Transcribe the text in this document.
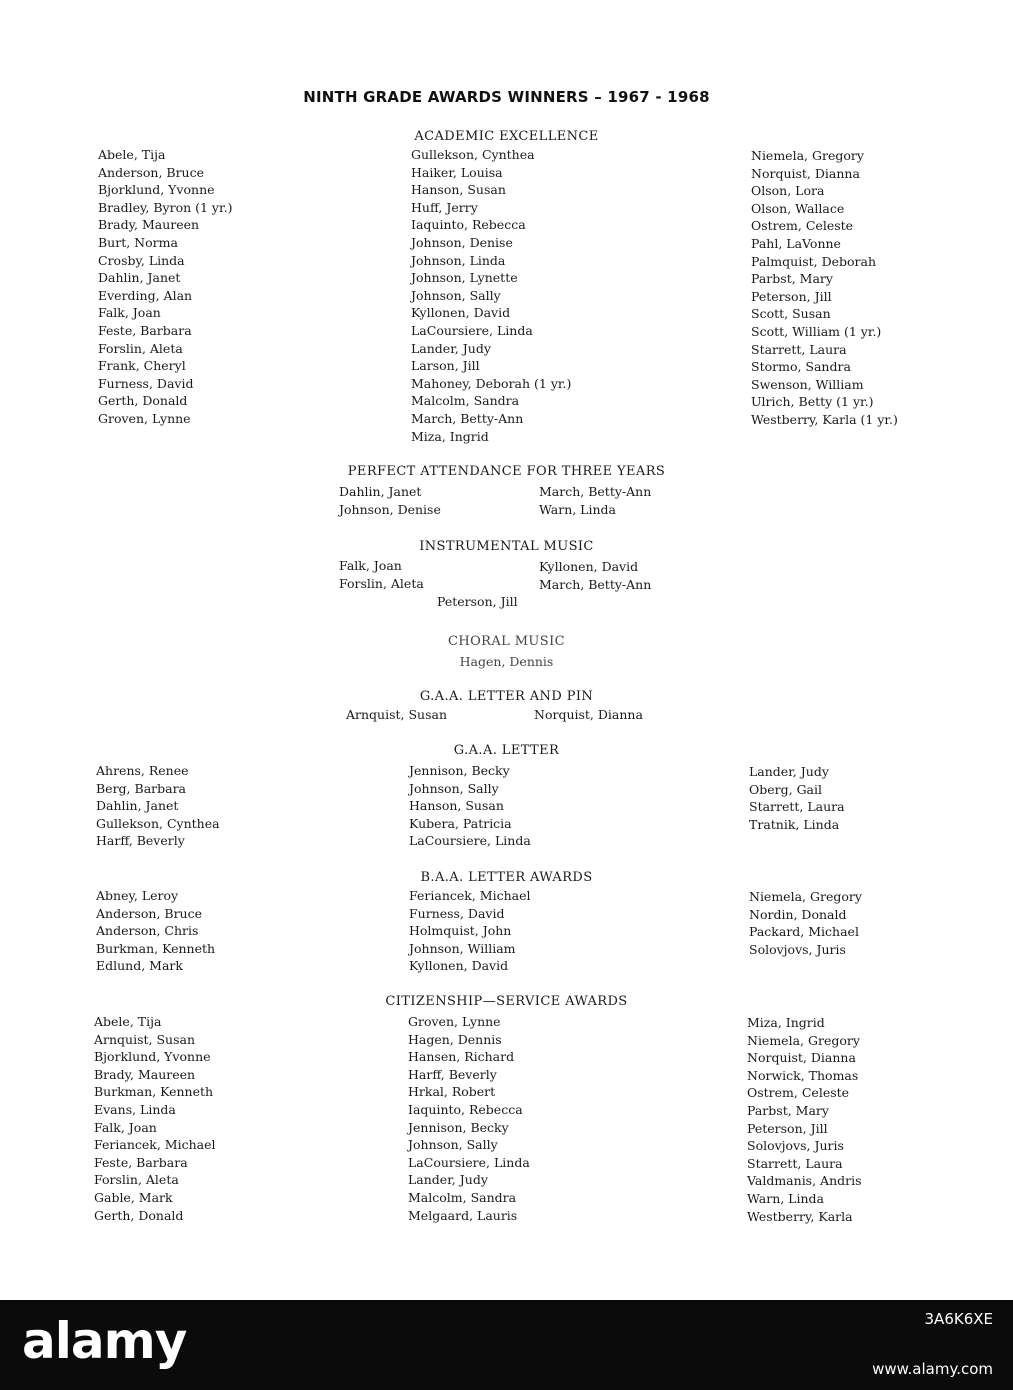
NINTH GRADE AWARDS WINNERS – 1967 - 1968
ACADEMIC EXCELLENCE
Abele, Tija
Anderson, Bruce
Bjorklund, Yvonne
Bradley, Byron (1 yr.)
Brady, Maureen
Burt, Norma
Crosby, Linda
Dahlin, Janet
Everding, Alan
Falk, Joan
Feste, Barbara
Forslin, Aleta
Frank, Cheryl
Furness, David
Gerth, Donald
Groven, Lynne
Gullekson, Cynthea
Haiker, Louisa
Hanson, Susan
Huff, Jerry
Iaquinto, Rebecca
Johnson, Denise
Johnson, Linda
Johnson, Lynette
Johnson, Sally
Kyllonen, David
LaCoursiere, Linda
Lander, Judy
Larson, Jill
Mahoney, Deborah (1 yr.)
Malcolm, Sandra
March, Betty-Ann
Miza, Ingrid
Niemela, Gregory
Norquist, Dianna
Olson, Lora
Olson, Wallace
Ostrem, Celeste
Pahl, LaVonne
Palmquist, Deborah
Parbst, Mary
Peterson, Jill
Scott, Susan
Scott, William (1 yr.)
Starrett, Laura
Stormo, Sandra
Swenson, William
Ulrich, Betty (1 yr.)
Westberry, Karla (1 yr.)
PERFECT ATTENDANCE FOR THREE YEARS
Dahlin, Janet
Johnson, Denise
March, Betty-Ann
Warn, Linda
INSTRUMENTAL MUSIC
Falk, Joan
Forslin, Aleta
Kyllonen, David
March, Betty-Ann
Peterson, Jill
CHORAL MUSIC
Hagen, Dennis
G.A.A. LETTER AND PIN
Arnquist, Susan	Norquist, Dianna
G.A.A. LETTER
Ahrens, Renee
Berg, Barbara
Dahlin, Janet
Gullekson, Cynthea
Harff, Beverly
Jennison, Becky
Johnson, Sally
Hanson, Susan
Kubera, Patricia
LaCoursiere, Linda
Lander, Judy
Oberg, Gail
Starrett, Laura
Tratnik, Linda
B.A.A. LETTER AWARDS
Abney, Leroy
Anderson, Bruce
Anderson, Chris
Burkman, Kenneth
Edlund, Mark
Feriancek, Michael
Furness, David
Holmquist, John
Johnson, William
Kyllonen, David
Niemela, Gregory
Nordin, Donald
Packard, Michael
Solovjovs, Juris
CITIZENSHIP—SERVICE AWARDS
Abele, Tija
Arnquist, Susan
Bjorklund, Yvonne
Brady, Maureen
Burkman, Kenneth
Evans, Linda
Falk, Joan
Feriancek, Michael
Feste, Barbara
Forslin, Aleta
Gable, Mark
Gerth, Donald
Groven, Lynne
Hagen, Dennis
Hansen, Richard
Harff, Beverly
Hrkal, Robert
Iaquinto, Rebecca
Jennison, Becky
Johnson, Sally
LaCoursiere, Linda
Lander, Judy
Malcolm, Sandra
Melgaard, Lauris
Miza, Ingrid
Niemela, Gregory
Norquist, Dianna
Norwick, Thomas
Ostrem, Celeste
Parbst, Mary
Peterson, Jill
Solovjovs, Juris
Starrett, Laura
Valdmanis, Andris
Warn, Linda
Westberry, Karla
alamy	3A6K6XE
www.alamy.com
